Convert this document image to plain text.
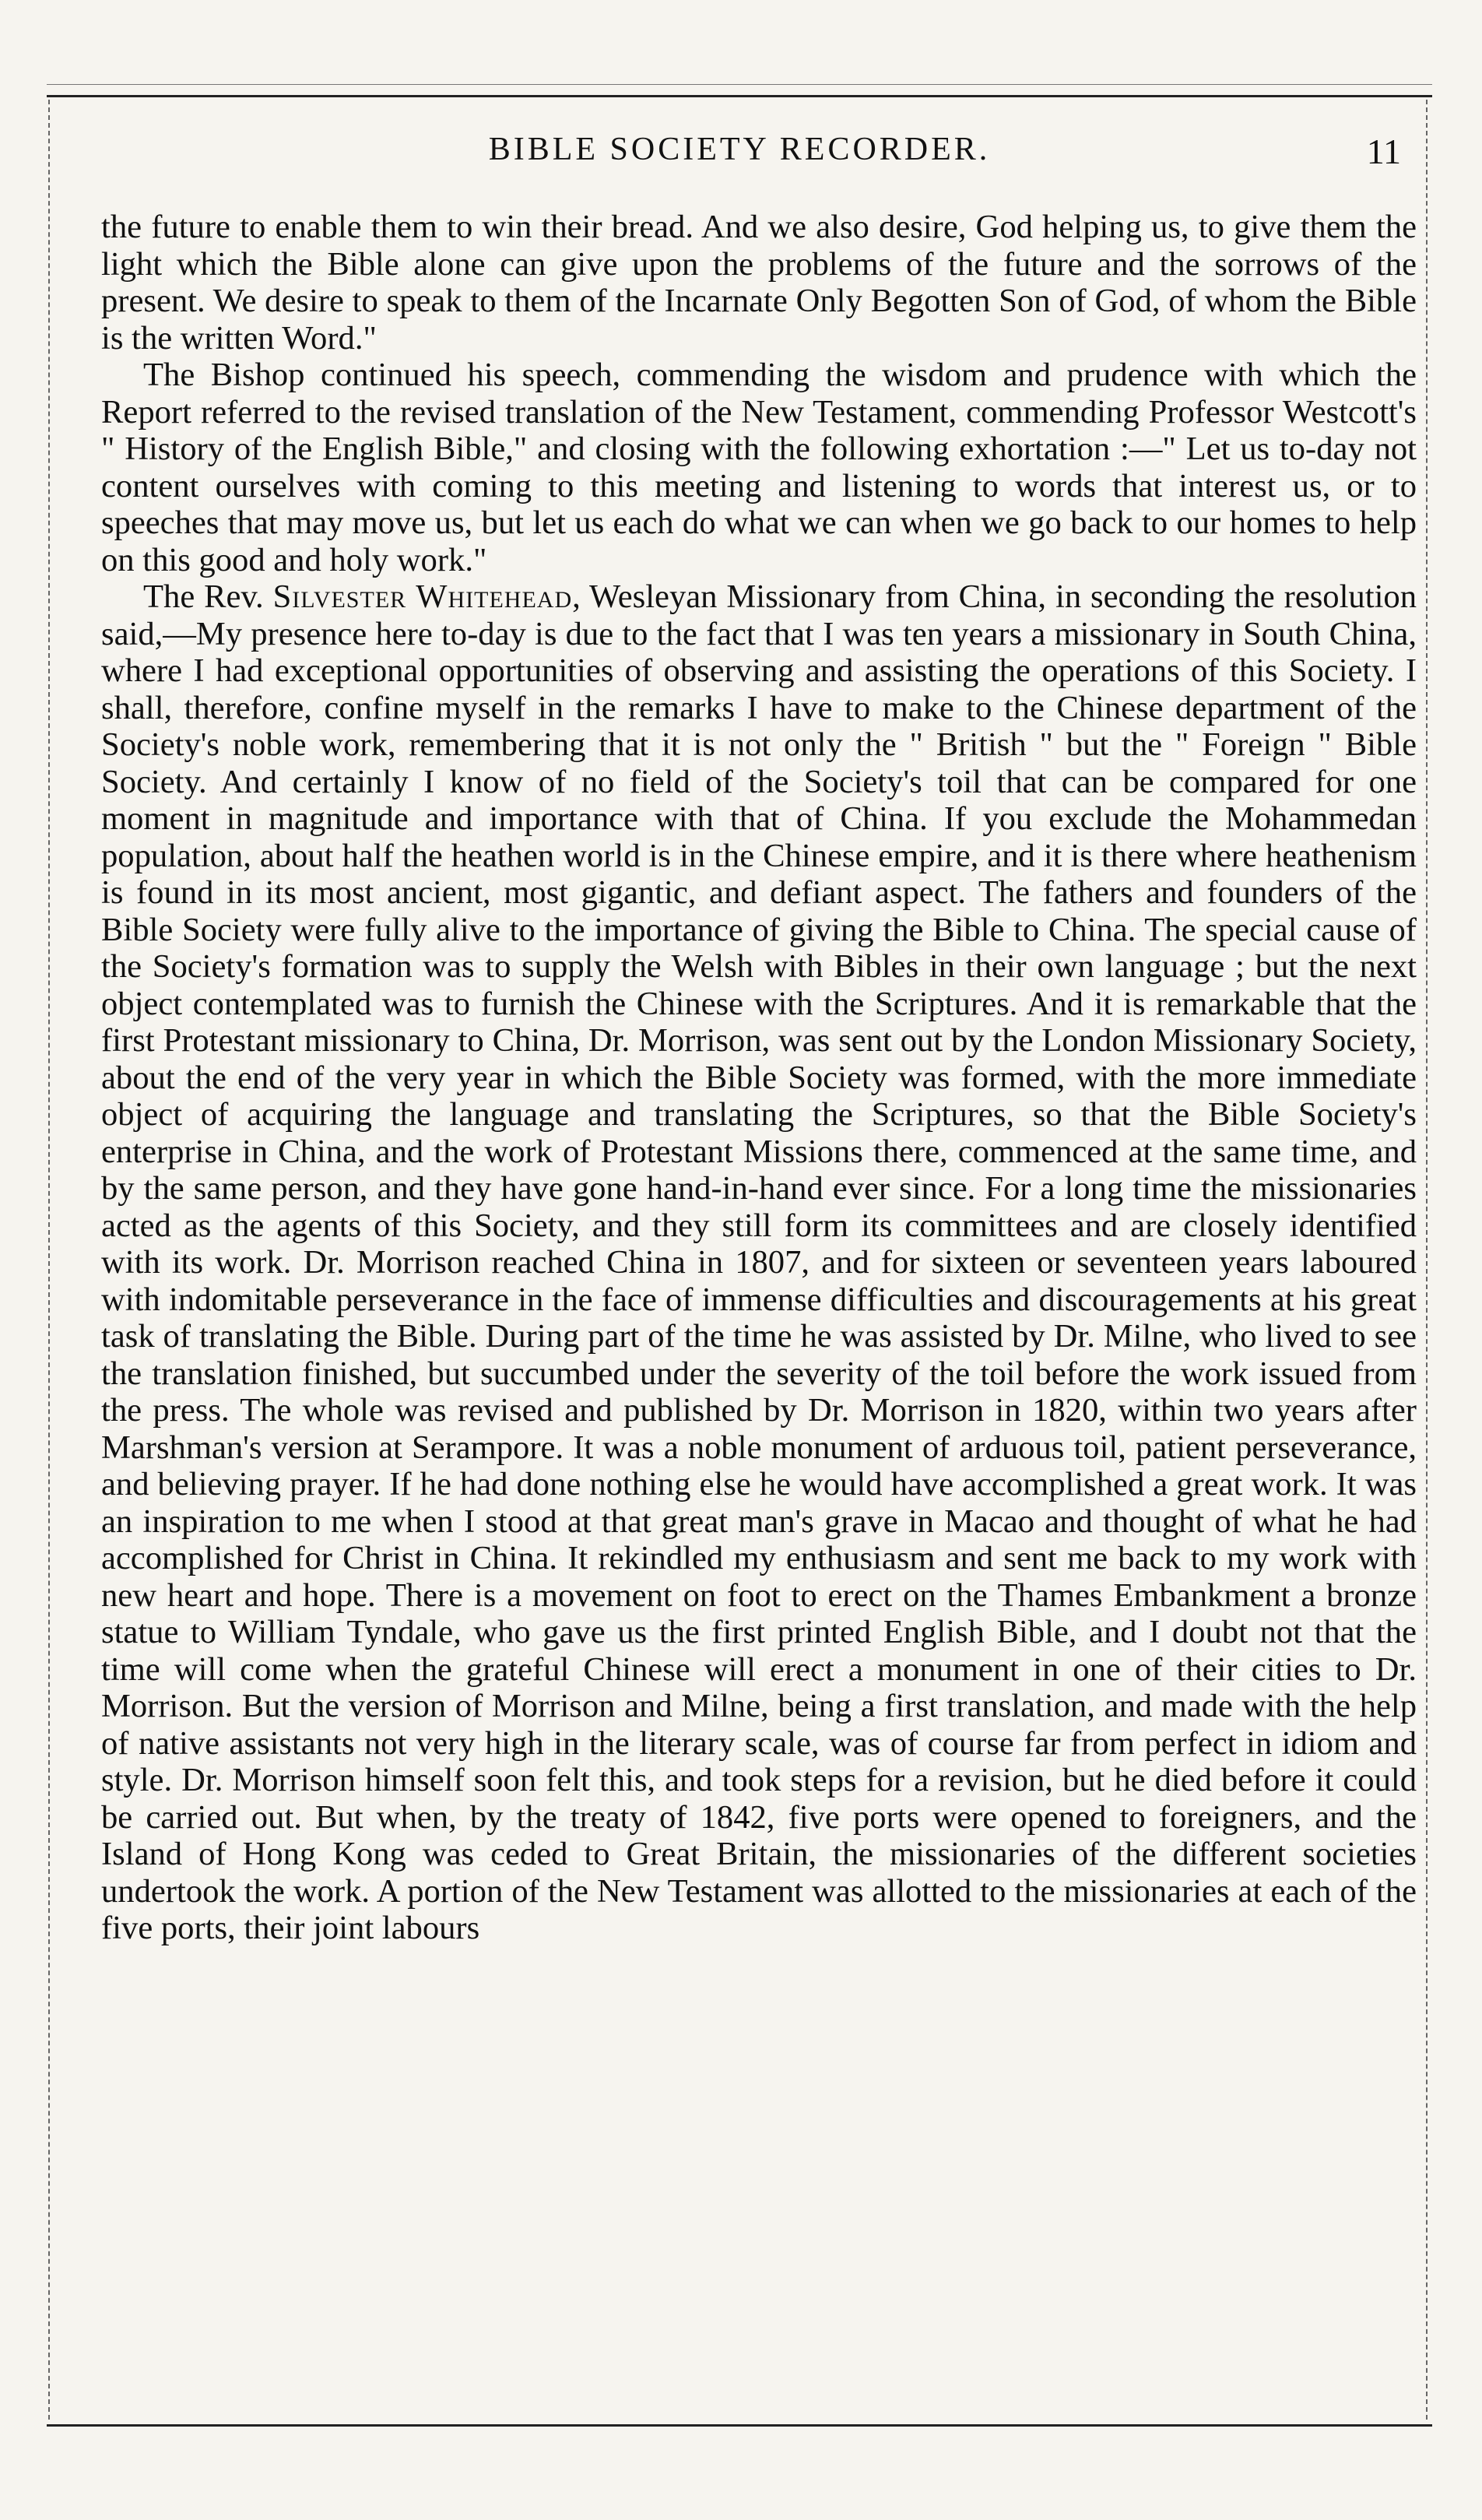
BIBLE SOCIETY RECORDER.	11

the future to enable them to win their bread. And we also desire, God helping us, to give them the light which the Bible alone can give upon the problems of the future and the sorrows of the present. We desire to speak to them of the Incarnate Only Begotten Son of God, of whom the Bible is the written Word."

The Bishop continued his speech, commending the wisdom and prudence with which the Report referred to the revised translation of the New Testament, commending Professor Westcott's " History of the English Bible," and closing with the following exhortation :—" Let us to-day not content ourselves with coming to this meeting and listening to words that interest us, or to speeches that may move us, but let us each do what we can when we go back to our homes to help on this good and holy work."

The Rev. Silvester Whitehead, Wesleyan Missionary from China, in seconding the resolution said,—My presence here to-day is due to the fact that I was ten years a missionary in South China, where I had exceptional opportunities of observing and assisting the operations of this Society. I shall, therefore, confine myself in the remarks I have to make to the Chinese department of the Society's noble work, remembering that it is not only the " British " but the " Foreign " Bible Society. And certainly I know of no field of the Society's toil that can be compared for one moment in magnitude and importance with that of China. If you exclude the Mohammedan population, about half the heathen world is in the Chinese empire, and it is there where heathenism is found in its most ancient, most gigantic, and defiant aspect. The fathers and founders of the Bible Society were fully alive to the importance of giving the Bible to China. The special cause of the Society's formation was to supply the Welsh with Bibles in their own language ; but the next object contemplated was to furnish the Chinese with the Scriptures. And it is remarkable that the first Protestant missionary to China, Dr. Morrison, was sent out by the London Missionary Society, about the end of the very year in which the Bible Society was formed, with the more immediate object of acquiring the language and translating the Scriptures, so that the Bible Society's enterprise in China, and the work of Protestant Missions there, commenced at the same time, and by the same person, and they have gone hand-in-hand ever since. For a long time the missionaries acted as the agents of this Society, and they still form its committees and are closely identified with its work. Dr. Morrison reached China in 1807, and for sixteen or seventeen years laboured with indomitable perseverance in the face of immense difficulties and discouragements at his great task of translating the Bible. During part of the time he was assisted by Dr. Milne, who lived to see the translation finished, but succumbed under the severity of the toil before the work issued from the press. The whole was revised and published by Dr. Morrison in 1820, within two years after Marshman's version at Serampore. It was a noble monument of arduous toil, patient perseverance, and believing prayer. If he had done nothing else he would have accomplished a great work. It was an inspiration to me when I stood at that great man's grave in Macao and thought of what he had accomplished for Christ in China. It rekindled my enthusiasm and sent me back to my work with new heart and hope. There is a movement on foot to erect on the Thames Embankment a bronze statue to William Tyndale, who gave us the first printed English Bible, and I doubt not that the time will come when the grateful Chinese will erect a monument in one of their cities to Dr. Morrison. But the version of Morrison and Milne, being a first translation, and made with the help of native assistants not very high in the literary scale, was of course far from perfect in idiom and style. Dr. Morrison himself soon felt this, and took steps for a revision, but he died before it could be carried out. But when, by the treaty of 1842, five ports were opened to foreigners, and the Island of Hong Kong was ceded to Great Britain, the missionaries of the different societies undertook the work. A portion of the New Testament was allotted to the missionaries at each of the five ports, their joint labours
